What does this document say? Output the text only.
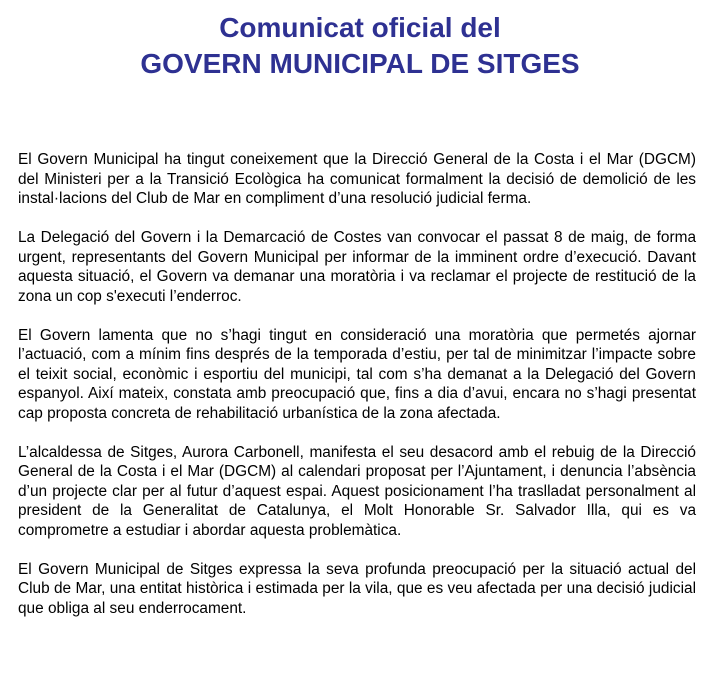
Comunicat oficial del
GOVERN MUNICIPAL DE SITGES

El Govern Municipal ha tingut coneixement que la Direcció General de la Costa i el Mar (DGCM) del Ministeri per a la Transició Ecològica ha comunicat formalment la decisió de demolició de les instal·lacions del Club de Mar en compliment d’una resolució judicial ferma.

La Delegació del Govern i la Demarcació de Costes van convocar el passat 8 de maig, de forma urgent, representants del Govern Municipal per informar de la imminent ordre d’execució. Davant aquesta situació, el Govern va demanar una moratòria i va reclamar el projecte de restitució de la zona un cop s'executi l’enderroc.

El Govern lamenta que no s’hagi tingut en consideració una moratòria que permetés ajornar l’actuació, com a mínim fins després de la temporada d’estiu, per tal de minimitzar l’impacte sobre el teixit social, econòmic i esportiu del municipi, tal com s’ha demanat a la Delegació del Govern espanyol. Així mateix, constata amb preocupació que, fins a dia d’avui, encara no s’hagi presentat cap proposta concreta de rehabilitació urbanística de la zona afectada.

L’alcaldessa de Sitges, Aurora Carbonell, manifesta el seu desacord amb el rebuig de la Direcció General de la Costa i el Mar (DGCM) al calendari proposat per l’Ajuntament, i denuncia l’absència d’un projecte clar per al futur d’aquest espai. Aquest posicionament l’ha traslladat personalment al president de la Generalitat de Catalunya, el Molt Honorable Sr. Salvador Illa, qui es va comprometre a estudiar i abordar aquesta problemàtica.

El Govern Municipal de Sitges expressa la seva profunda preocupació per la situació actual del Club de Mar, una entitat històrica i estimada per la vila, que es veu afectada per una decisió judicial que obliga al seu enderrocament.
